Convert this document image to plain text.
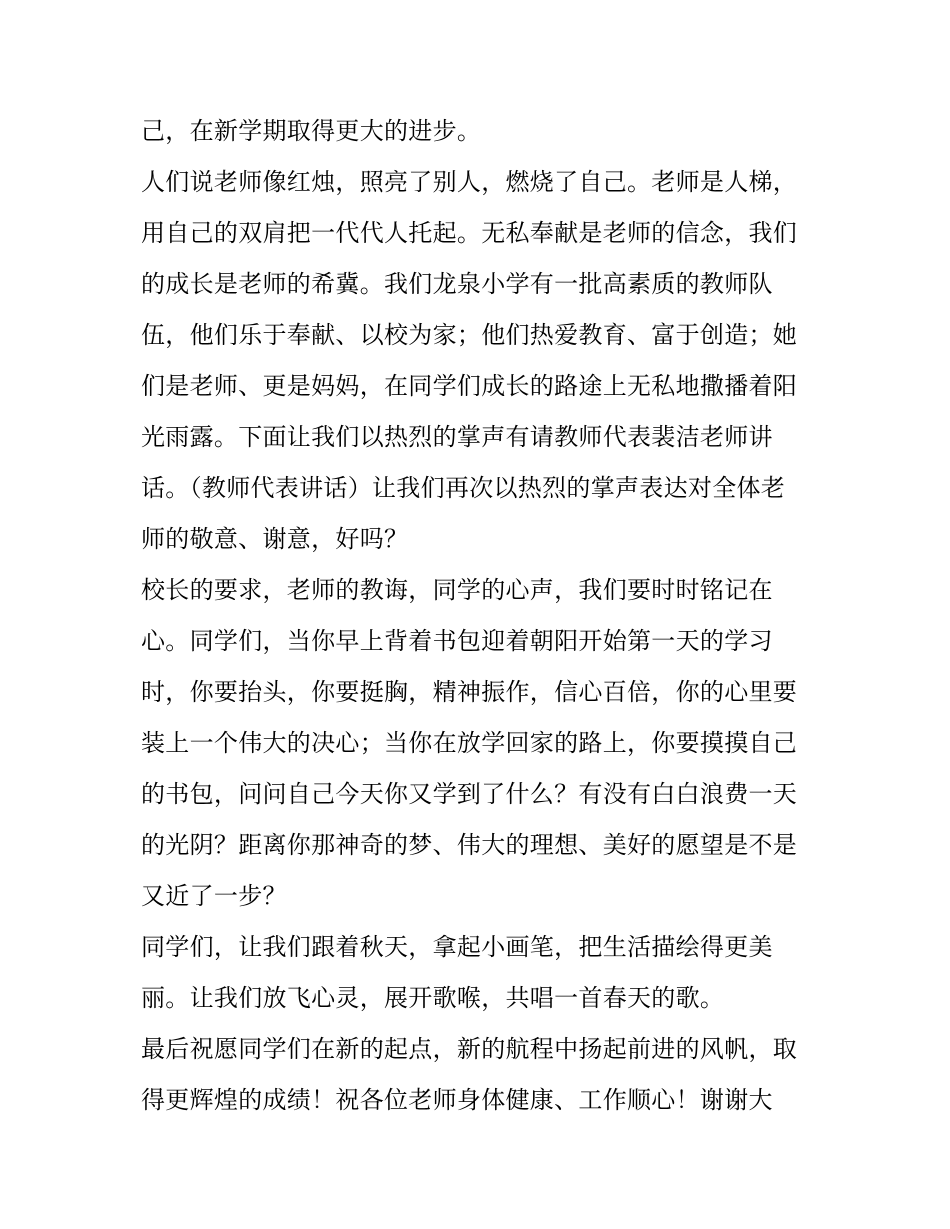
己，在新学期取得更大的进步。
人们说老师像红烛，照亮了别人，燃烧了自己。老师是人梯，
用自己的双肩把一代代人托起。无私奉献是老师的信念，我们
的成长是老师的希冀。我们龙泉小学有一批高素质的教师队
伍，他们乐于奉献、以校为家；他们热爱教育、富于创造；她
们是老师、更是妈妈，在同学们成长的路途上无私地撒播着阳
光雨露。下面让我们以热烈的掌声有请教师代表裴洁老师讲
话。（教师代表讲话）让我们再次以热烈的掌声表达对全体老
师的敬意、谢意，好吗？
校长的要求，老师的教诲，同学的心声，我们要时时铭记在
心。同学们，当你早上背着书包迎着朝阳开始第一天的学习
时，你要抬头，你要挺胸，精神振作，信心百倍，你的心里要
装上一个伟大的决心；当你在放学回家的路上，你要摸摸自己
的书包，问问自己今天你又学到了什么？有没有白白浪费一天
的光阴？距离你那神奇的梦、伟大的理想、美好的愿望是不是
又近了一步？
同学们，让我们跟着秋天，拿起小画笔，把生活描绘得更美
丽。让我们放飞心灵，展开歌喉，共唱一首春天的歌。
最后祝愿同学们在新的起点，新的航程中扬起前进的风帆，取
得更辉煌的成绩！祝各位老师身体健康、工作顺心！谢谢大
